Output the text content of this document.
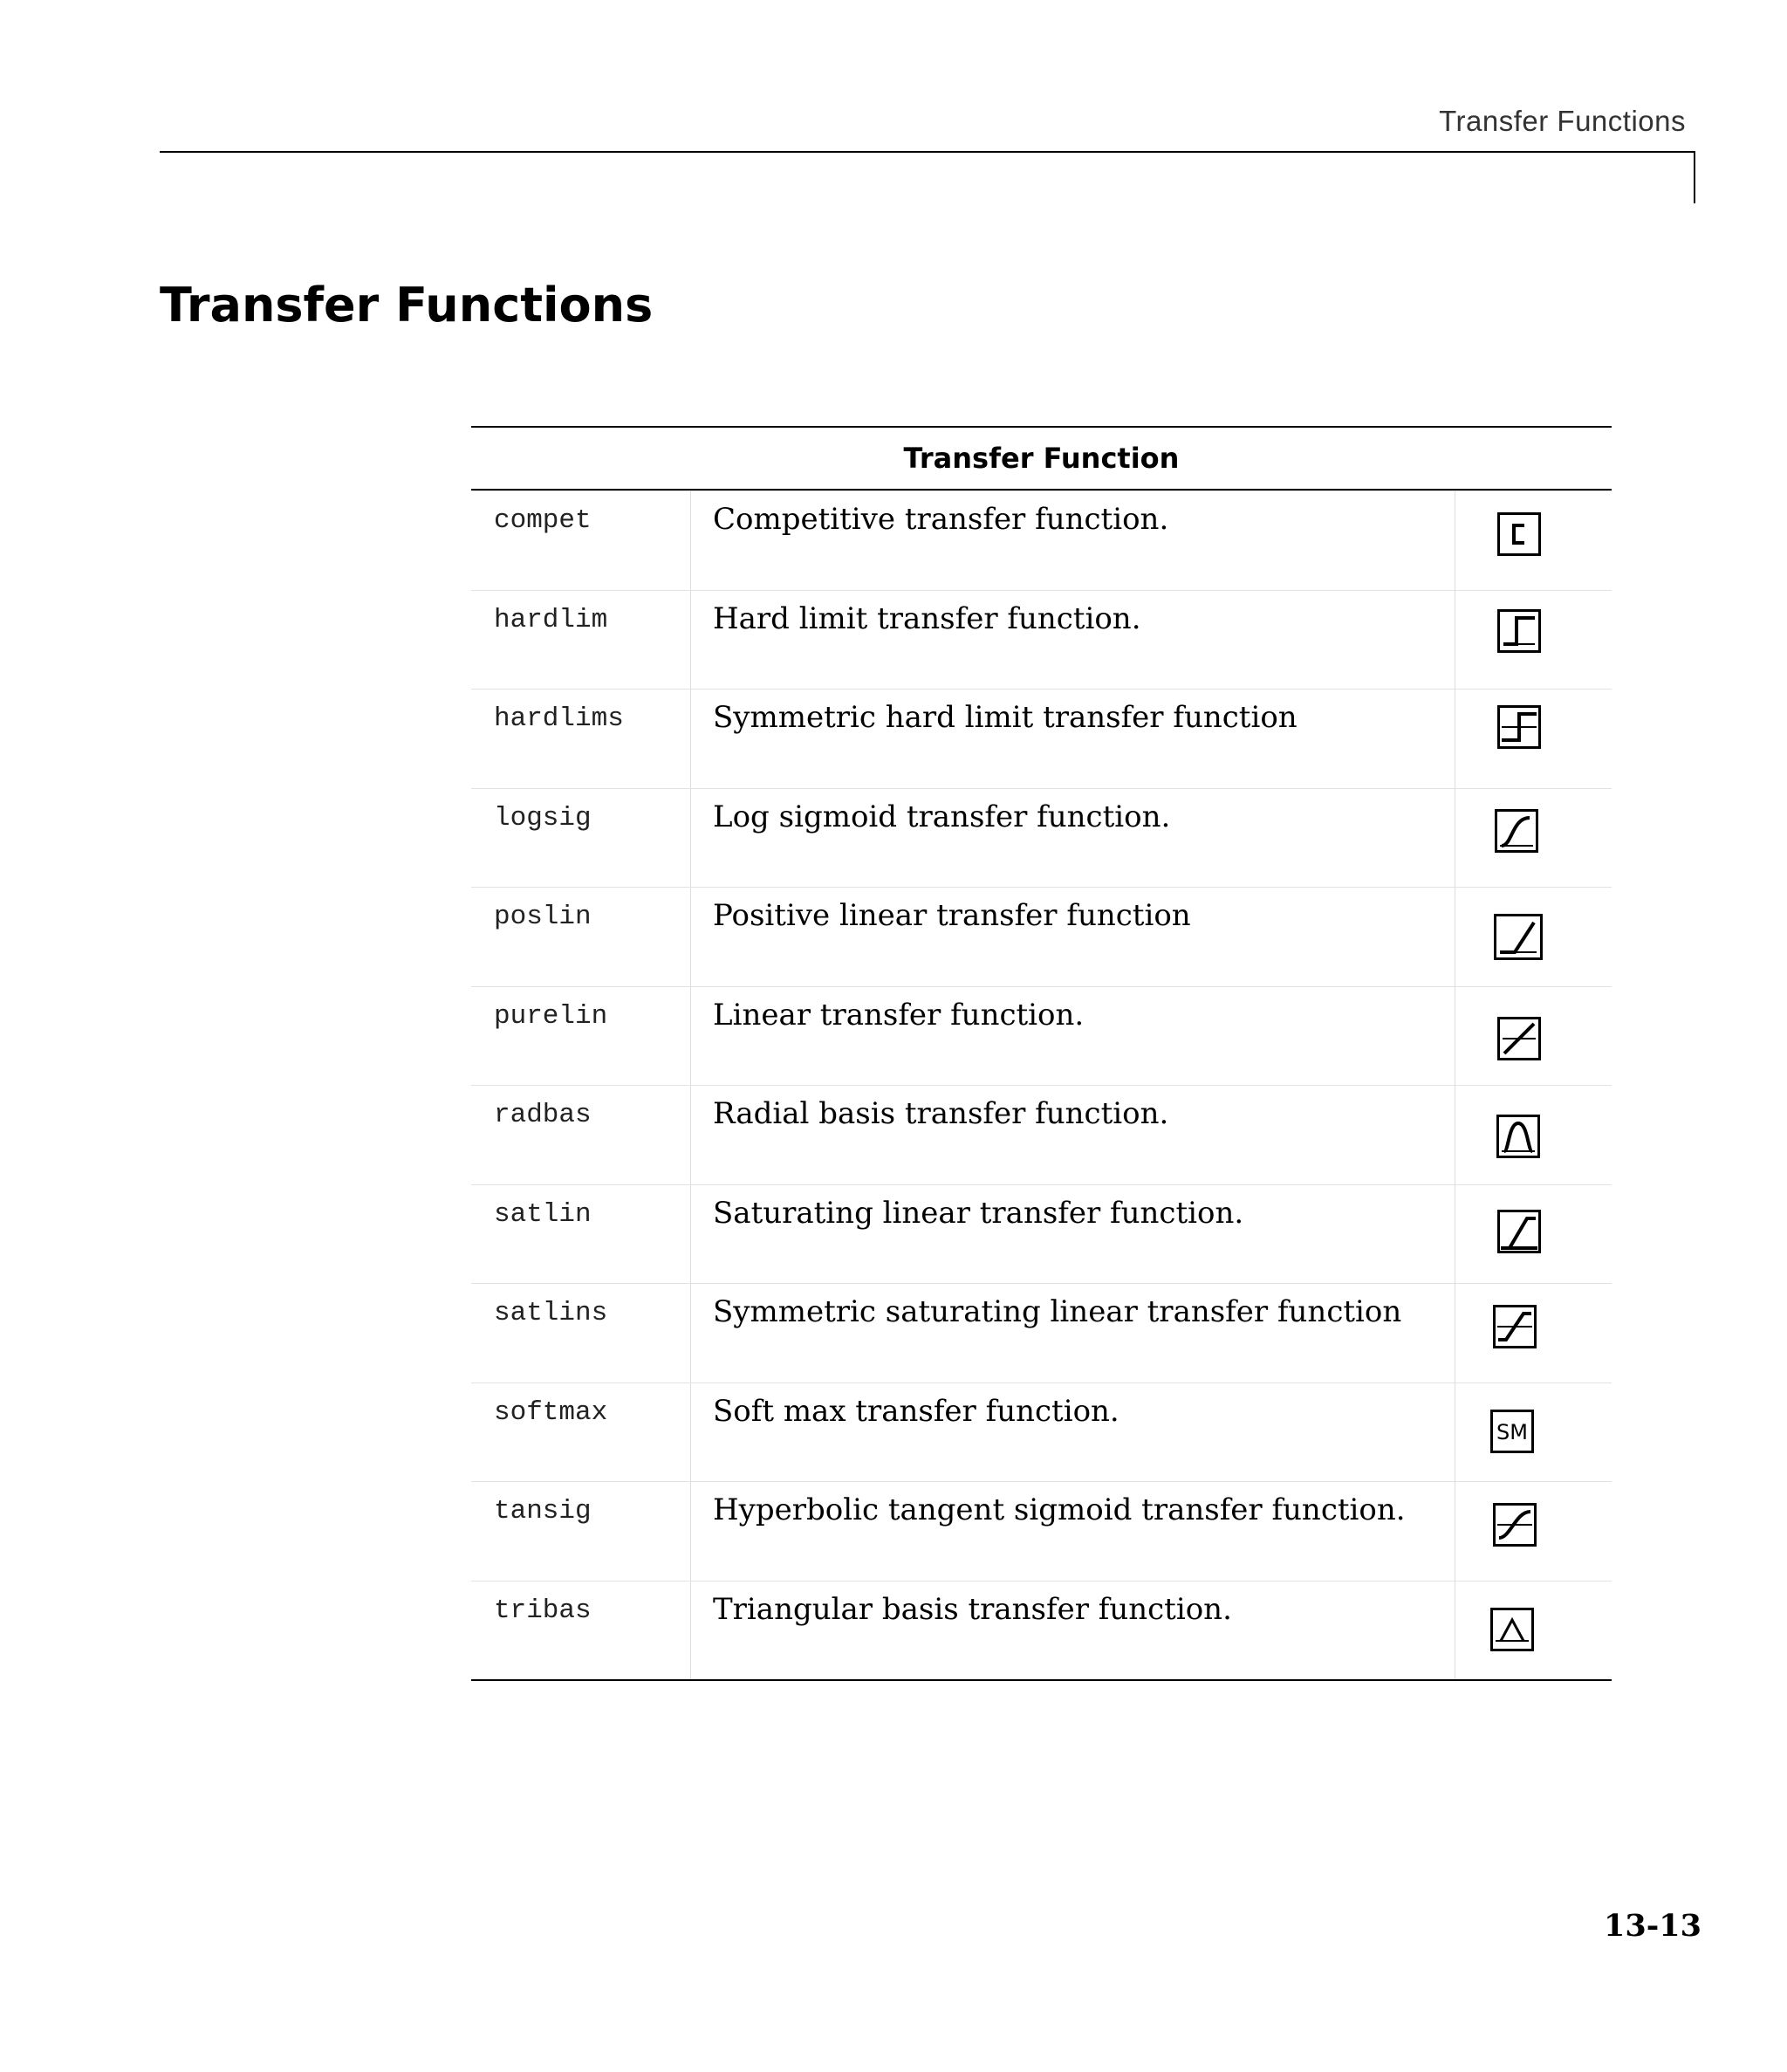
Transfer Functions
Transfer Functions
Transfer Function
compet	Competitive transfer function.
hardlim	Hard limit transfer function.
hardlims	Symmetric hard limit transfer function
logsig	Log sigmoid transfer function.
poslin	Positive linear transfer function
purelin	Linear transfer function.
radbas	Radial basis transfer function.
satlin	Saturating linear transfer function.
satlins	Symmetric saturating linear transfer function
softmax	Soft max transfer function.
SM
tansig	Hyperbolic tangent sigmoid transfer function.
tribas	Triangular basis transfer function.
13-13
